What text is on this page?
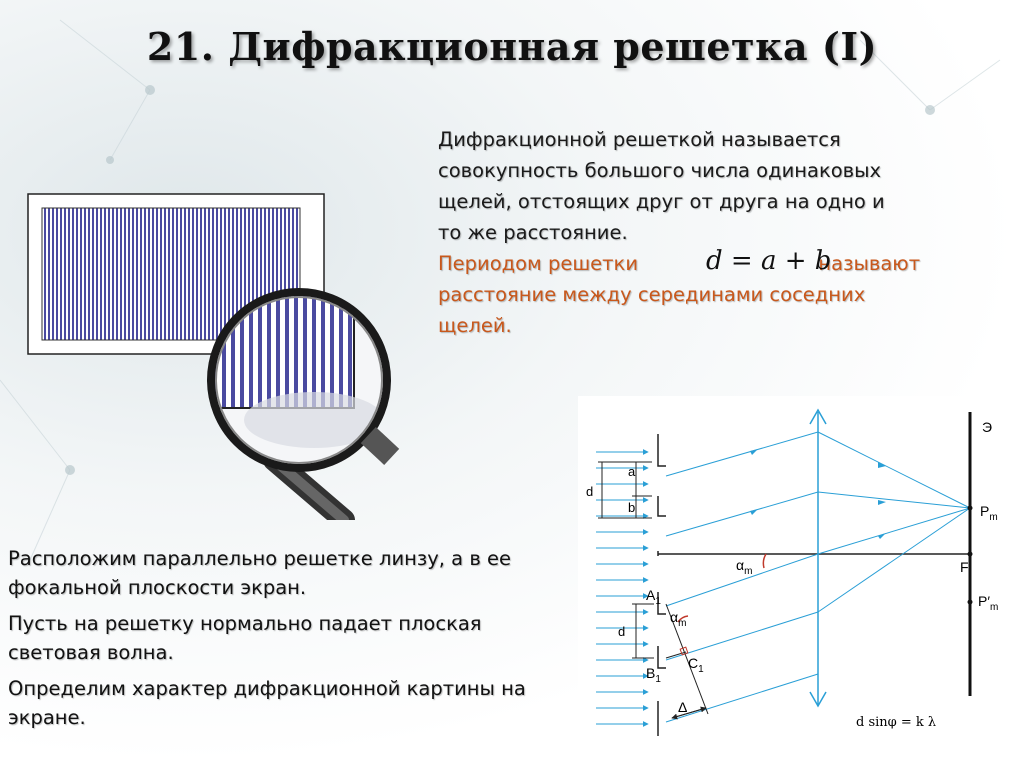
21. Дифракционная решетка (I)
Дифракционной решеткой называется
совокупность большого числа одинаковых
щелей, отстоящих друг от друга на одно и
то же расстояние.
Периодом решетки	называют
расстояние между серединами соседних
щелей.
d = a + b

Расположим параллельно решетке линзу, а в ее фокальной плоскости экран.

Пусть на решетку нормально падает плоская световая волна.

Определим характер дифракционной картины на экране.

a
b
d
d
Э
$P_m$
F
$P'_m$
$\alpha_m$
$A_1$
$B_1$
$C_1$
$\alpha_m$
Δ
d sinφ = k λ
